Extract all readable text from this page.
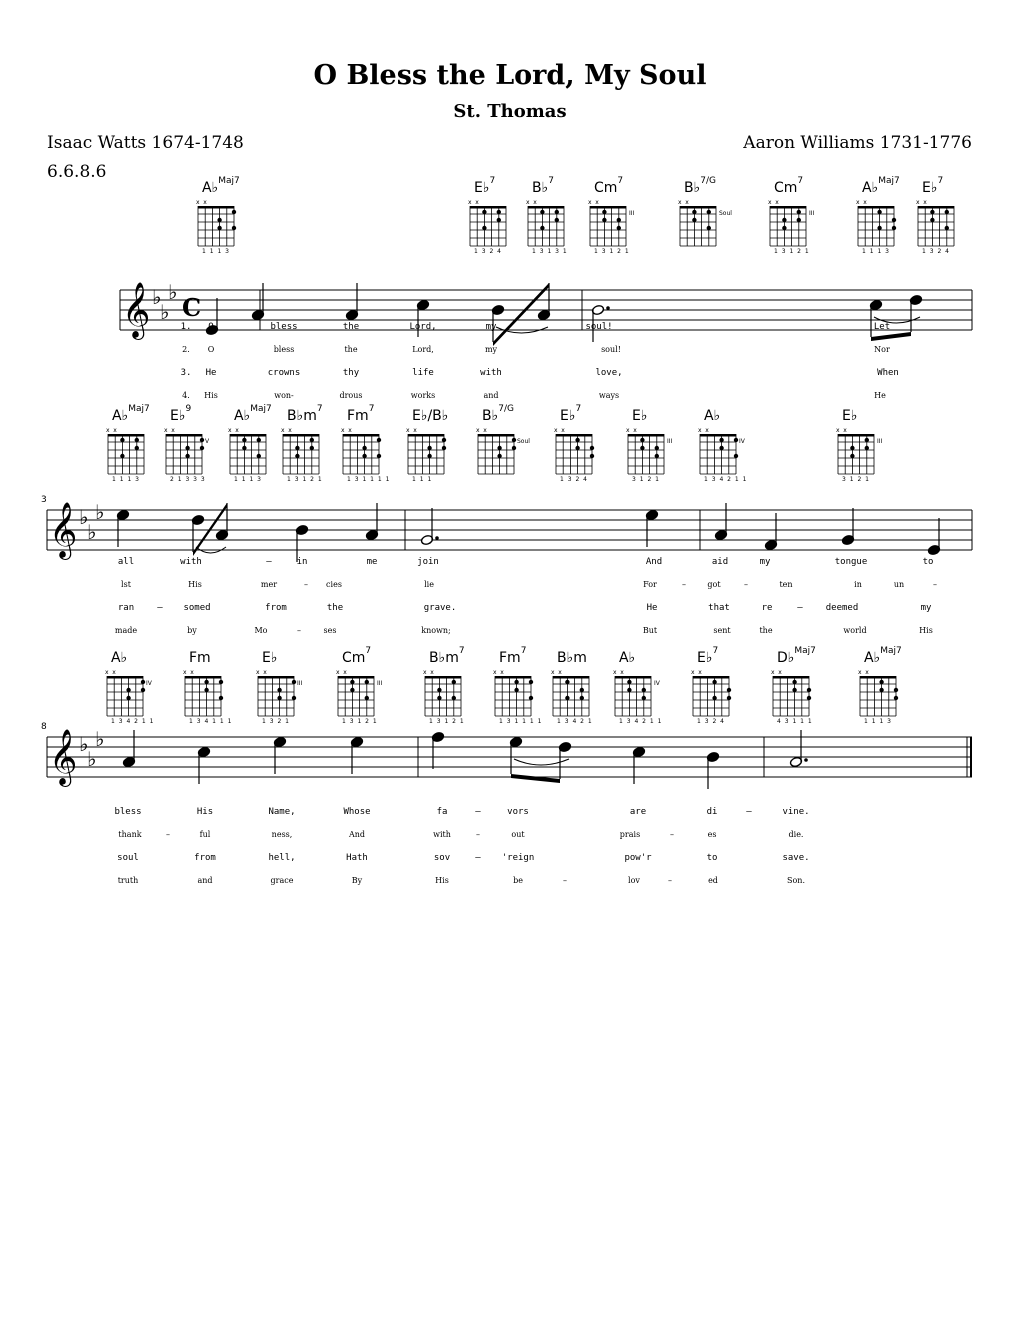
O Bless the Lord, My Soul
St. Thomas
Isaac Watts 1674-1748	Aaron Williams 1731-1776
6.6.8.6
A♭$^{Maj7}$
x x
1 1 1 3
E♭$^7$
x x
1 3 2 4
B♭$^7$
x x
1 3 1 3 1
Cm$^7$
x x
III
1 3 1 2 1
B♭$^{7/G}$
x x
Soul
Cm$^7$
x x
III
1 3 1 2 1
A♭$^{Maj7}$
x x
1 1 1 3
E♭$^7$
x x
1 3 2 4
A♭$^{Maj7}$
x x
1 1 1 3
E♭$^9$
x x
V
2 1 3 3 3
A♭$^{Maj7}$
x x
1 1 1 3
$B♭m^7$
x x
1 3 1 2 1
Fm$^7$
x x
1 3 1 1 1 1
E♭/B♭
x x
1 1 1
B♭$^{7/G}$
x x
Soul
E♭$^7$
x x
1 3 2 4
E♭
x x
III
3 1 2 1
A♭
x x
IV
1 3 4 2 1 1
E♭
x x
III
3 1 2 1
A♭
x x
IV
1 3 4 2 1 1
Fm
x x
1 3 4 1 1 1
E♭
x x
III
1 3 2 1
Cm$^7$
x x
III
1 3 1 2 1
$B♭m^7$
x x
1 3 1 2 1
Fm$^7$
x x
1 3 1 1 1 1
B♭m
x x
1 3 4 2 1
A♭
x x
IV
1 3 4 2 1 1
E♭$^7$
x x
1 3 2 4
D♭$^{Maj7}$
x x
4 3 1 1 1
A♭$^{Maj7}$
x x
1 1 1 3
𝄞 ♭
♭
♭
C
𝄞 ♭
♭
♭
3
𝄞 ♭
♭
♭
8
1. O	bless	the	Lord,	my	soul!	Let
2. O	bless	the	Lord,	my	soul!	Nor
3. He	crowns	thy	life	with	love,	When
4. His	won-	drous	works	and	ways	He
all	with	–	in	me	join	And	aid	my	tongue	to
lst	His	mer	– cies	lie	For	–	got	–	ten	in	un	–
ran	– somed	from	the	grave.	He	that	re	–	deemed	my
made	by	Mo	–	ses	known;	But	sent	the	world	His
bless	His	Name,	Whose	fa	–	vors	are	di	–	vine.
thank	–	ful	ness,	And	with	–	out	prais	–	es	die.
soul	from	hell,	Hath	sov	– 'reign	pow'r	to	save.
truth	and	grace	By	His	be	–	lov	–	ed	Son.
